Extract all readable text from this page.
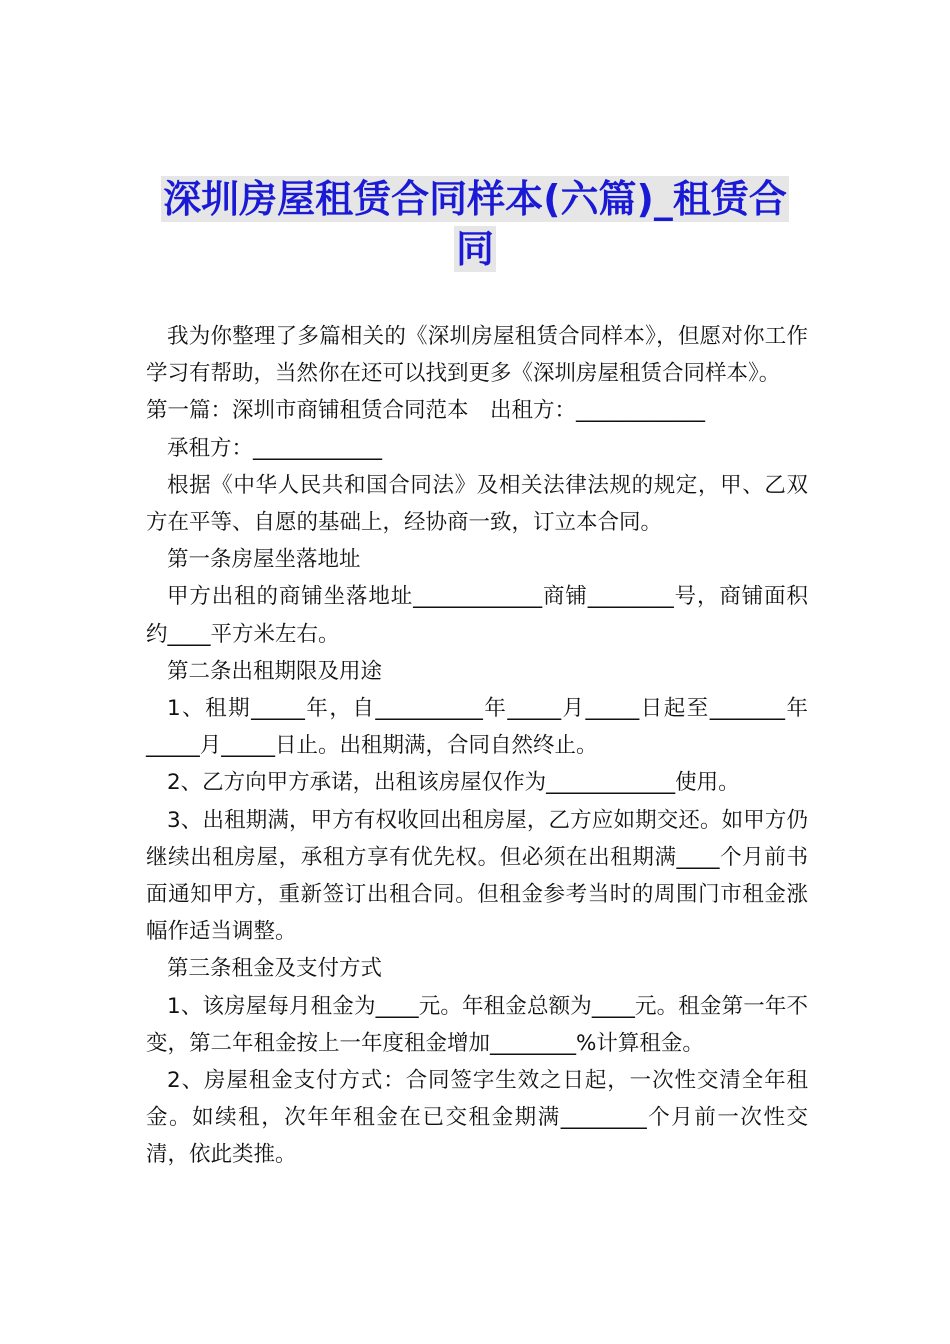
深圳房屋租赁合同样本(六篇)_租赁合
同

我为你整理了多篇相关的《深圳房屋租赁合同样本》，但愿对你工作学习有帮助，当然你在还可以找到更多《深圳房屋租赁合同样本》。

第一篇：深圳市商铺租赁合同范本　出租方：____________

承租方：____________

根据《中华人民共和国合同法》及相关法律法规的规定，甲、乙双方在平等、自愿的基础上，经协商一致，订立本合同。

第一条房屋坐落地址

甲方出租的商铺坐落地址____________商铺________号，商铺面积约____平方米左右。

第二条出租期限及用途

1、租期_____年，自__________年_____月_____日起至_______年_____月_____日止。出租期满，合同自然终止。

2、乙方向甲方承诺，出租该房屋仅作为____________使用。

3、出租期满，甲方有权收回出租房屋，乙方应如期交还。如甲方仍继续出租房屋，承租方享有优先权。但必须在出租期满____个月前书面通知甲方，重新签订出租合同。但租金参考当时的周围门市租金涨幅作适当调整。

第三条租金及支付方式

1、该房屋每月租金为____元。年租金总额为____元。租金第一年不变，第二年租金按上一年度租金增加________%计算租金。

2、房屋租金支付方式：合同签字生效之日起，一次性交清全年租金。如续租，次年年租金在已交租金期满________个月前一次性交清，依此类推。
